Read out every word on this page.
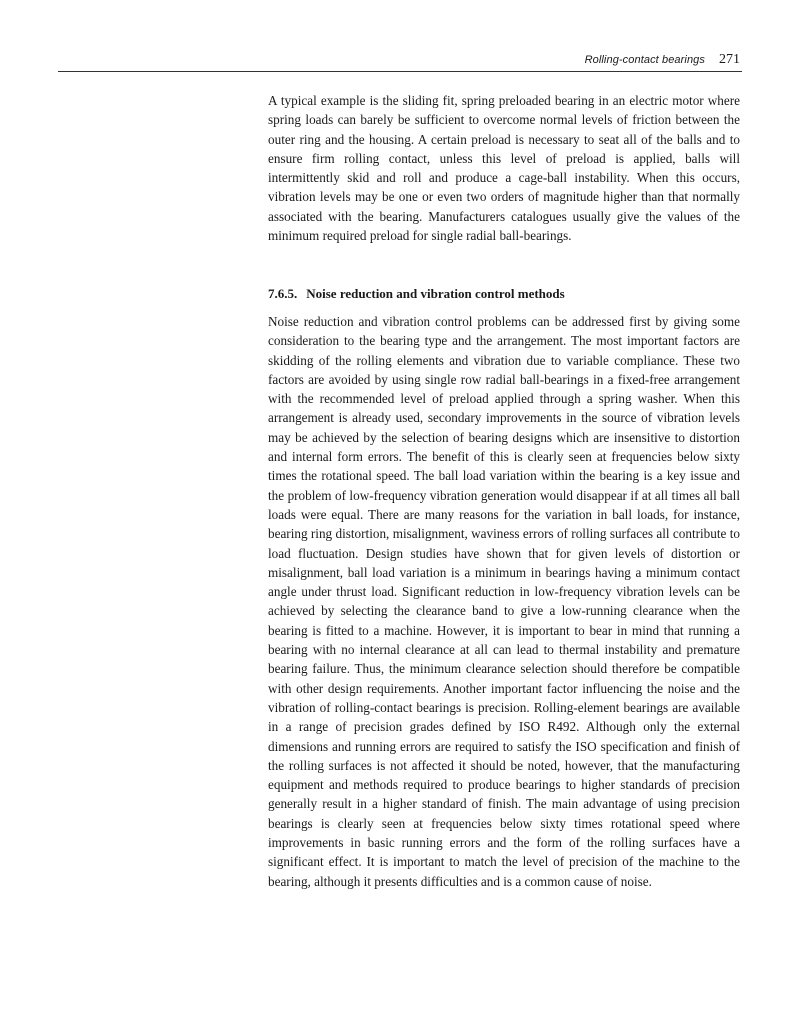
Rolling-contact bearings 271

A typical example is the sliding fit, spring preloaded bearing in an electric motor where spring loads can barely be sufficient to overcome normal levels of friction between the outer ring and the housing. A certain preload is necessary to seat all of the balls and to ensure firm rolling contact, unless this level of preload is applied, balls will intermittently skid and roll and produce a cage-ball instability. When this occurs, vibration levels may be one or even two orders of magnitude higher than that normally associated with the bearing. Manufacturers catalogues usually give the values of the minimum required preload for single radial ball-bearings.

7.6.5. Noise reduction and vibration control methods

Noise reduction and vibration control problems can be addressed first by giving some consideration to the bearing type and the arrangement. The most important factors are skidding of the rolling elements and vibration due to variable compliance. These two factors are avoided by using single row radial ball-bearings in a fixed-free arrangement with the recommended level of preload applied through a spring washer. When this arrangement is already used, secondary improvements in the source of vibration levels may be achieved by the selection of bearing designs which are insensitive to distortion and internal form errors. The benefit of this is clearly seen at frequencies below sixty times the rotational speed. The ball load variation within the bearing is a key issue and the problem of low-frequency vibration generation would disappear if at all times all ball loads were equal. There are many reasons for the variation in ball loads, for instance, bearing ring distortion, misalignment, waviness errors of rolling surfaces all contribute to load fluctuation. Design studies have shown that for given levels of distortion or misalignment, ball load variation is a minimum in bearings having a minimum contact angle under thrust load. Significant reduction in low-frequency vibration levels can be achieved by selecting the clearance band to give a low-running clearance when the bearing is fitted to a machine. However, it is important to bear in mind that running a bearing with no internal clearance at all can lead to thermal instability and premature bearing failure. Thus, the minimum clearance selection should therefore be compatible with other design requirements. Another important factor influencing the noise and the vibration of rolling-contact bearings is precision. Rolling-element bearings are available in a range of precision grades defined by ISO R492. Although only the external dimensions and running errors are required to satisfy the ISO specification and finish of the rolling surfaces is not affected it should be noted, however, that the manufacturing equipment and methods required to produce bearings to higher standards of precision generally result in a higher standard of finish. The main advantage of using precision bearings is clearly seen at frequencies below sixty times rotational speed where improvements in basic running errors and the form of the rolling surfaces have a significant effect. It is important to match the level of precision of the machine to the bearing, although it presents difficulties and is a common cause of noise.
